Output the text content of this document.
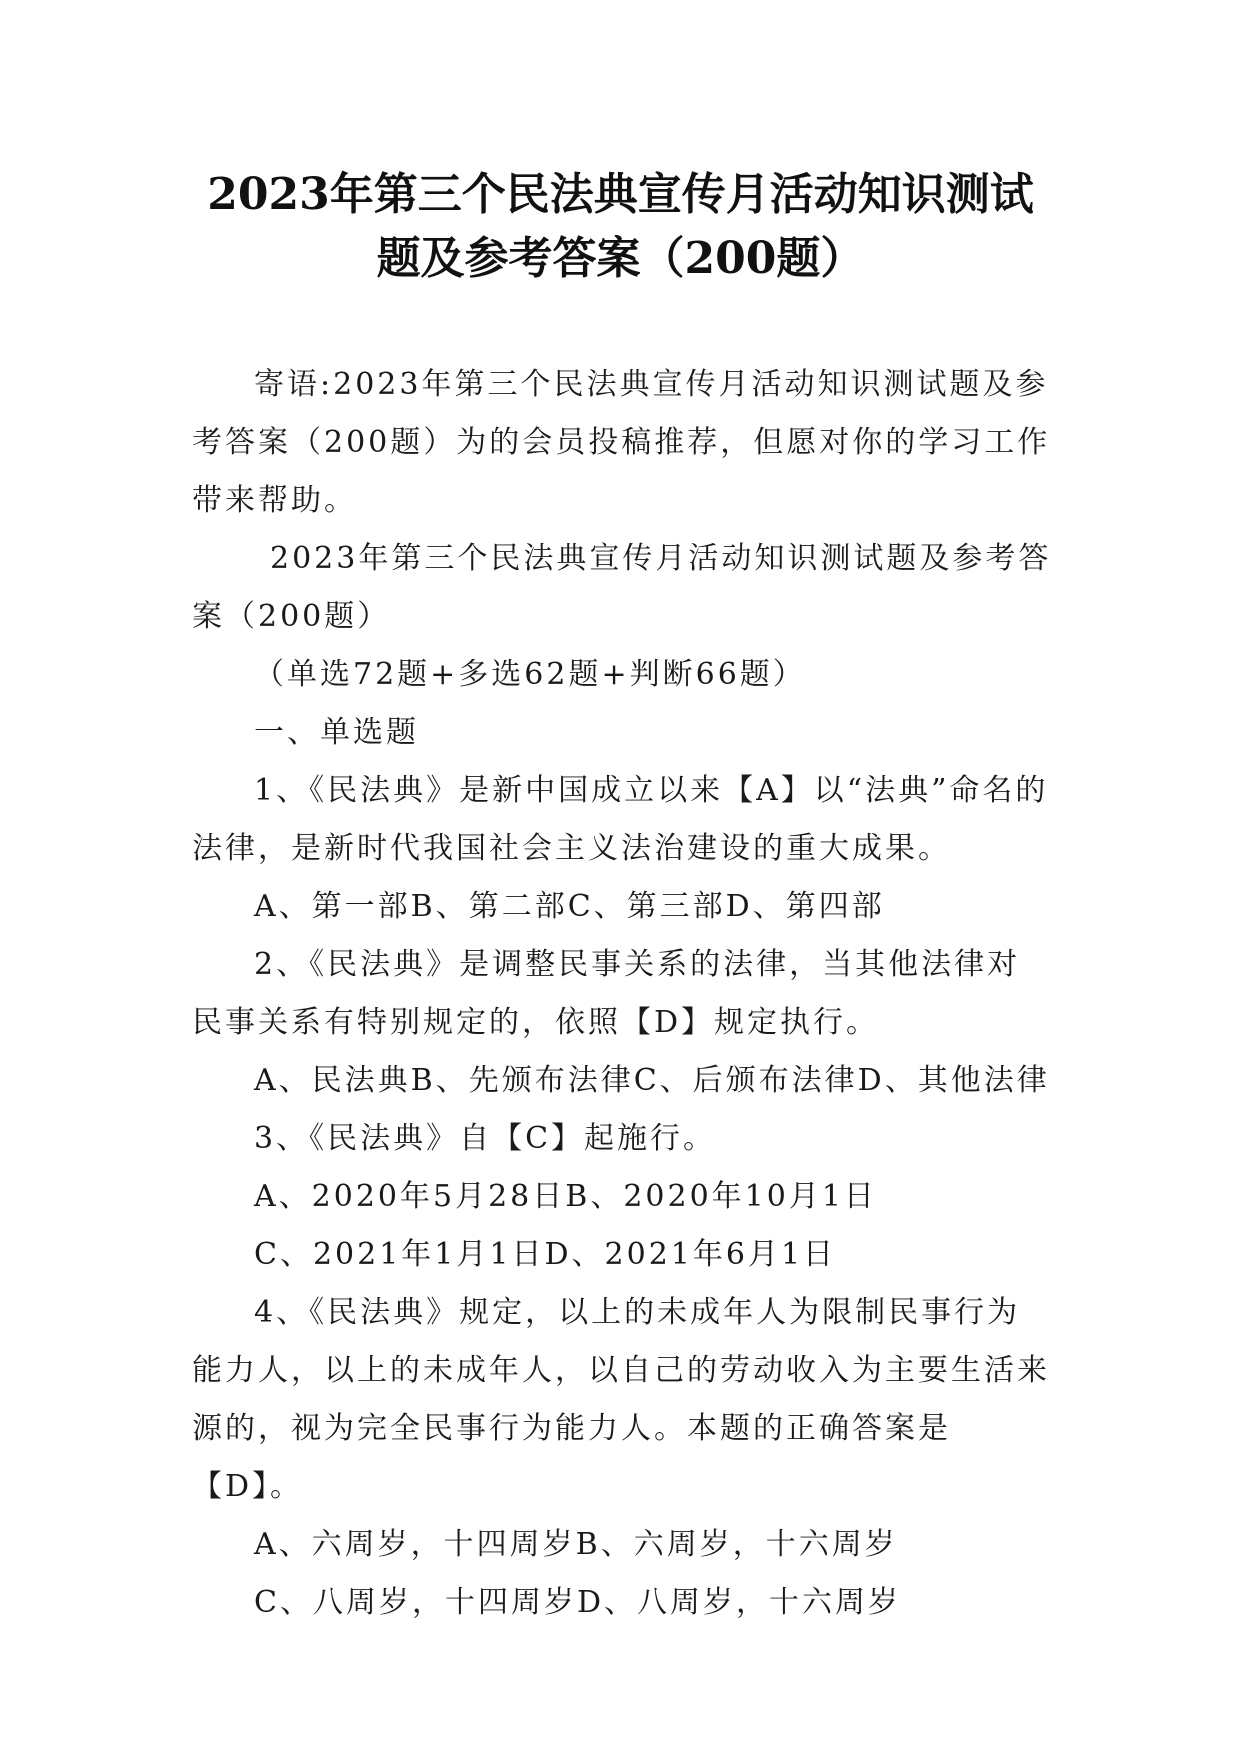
2023年第三个民法典宣传月活动知识测试
题及参考答案（200题）

寄语:2023年第三个民法典宣传月活动知识测试题及参考答案（200题）为的会员投稿推荐，但愿对你的学习工作带来帮助。

2023年第三个民法典宣传月活动知识测试题及参考答案（200题）

（单选72题+多选62题+判断66题）

一、单选题

1、《民法典》是新中国成立以来【A】以“法典”命名的法律，是新时代我国社会主义法治建设的重大成果。

A、第一部B、第二部C、第三部D、第四部

2、《民法典》是调整民事关系的法律，当其他法律对民事关系有特别规定的，依照【D】规定执行。

A、民法典B、先颁布法律C、后颁布法律D、其他法律

3、《民法典》自【C】起施行。

A、2020年5月28日B、2020年10月1日

C、2021年1月1日D、2021年6月1日

4、《民法典》规定，以上的未成年人为限制民事行为能力人，以上的未成年人，以自己的劳动收入为主要生活来源的，视为完全民事行为能力人。本题的正确答案是【D】。

A、六周岁，十四周岁B、六周岁，十六周岁

C、八周岁，十四周岁D、八周岁，十六周岁
